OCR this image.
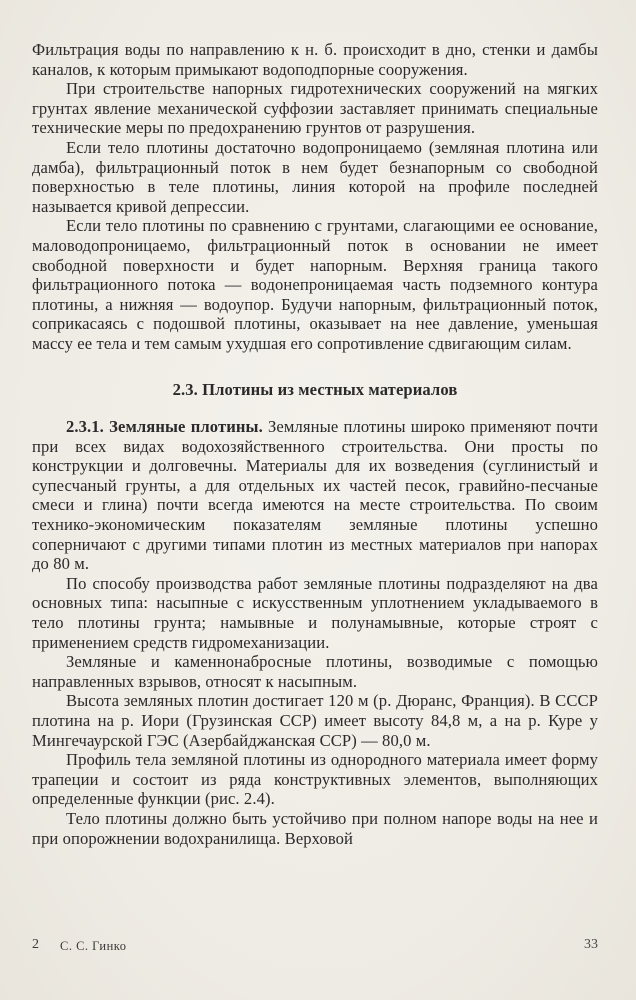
Фильтрация воды по направлению к н. б. происходит в дно, стенки и дамбы каналов, к которым примыкают водоподпорные сооружения.

При строительстве напорных гидротехнических сооружений на мягких грунтах явление механической суффозии заставляет принимать специальные технические меры по предохранению грунтов от разрушения.

Если тело плотины достаточно водопроницаемо (земляная плотина или дамба), фильтрационный поток в нем будет безнапорным со свободной поверхностью в теле плотины, линия которой на профиле последней называется кривой депрессии.

Если тело плотины по сравнению с грунтами, слагающими ее основание, маловодопроницаемо, фильтрационный поток в основании не имеет свободной поверхности и будет напорным. Верхняя граница такого фильтрационного потока — водонепроницаемая часть подземного контура плотины, а нижняя — водоупор. Будучи напорным, фильтрационный поток, соприкасаясь с подошвой плотины, оказывает на нее давление, уменьшая массу ее тела и тем самым ухудшая его сопротивление сдвигающим силам.

2.3. Плотины из местных материалов

2.3.1. Земляные плотины. Земляные плотины широко применяют почти при всех видах водохозяйственного строительства. Они просты по конструкции и долговечны. Материалы для их возведения (суглинистый и супесчаный грунты, а для отдельных их частей песок, гравийно-песчаные смеси и глина) почти всегда имеются на месте строительства. По своим технико-экономическим показателям земляные плотины успешно соперничают с другими типами плотин из местных материалов при напорах до 80 м.

По способу производства работ земляные плотины подразделяют на два основных типа: насыпные с искусственным уплотнением укладываемого в тело плотины грунта; намывные и полунамывные, которые строят с применением средств гидромеханизации.

Земляные и каменнонабросные плотины, возводимые с помощью направленных взрывов, относят к насыпным.

Высота земляных плотин достигает 120 м (р. Дюранс, Франция). В СССР плотина на р. Иори (Грузинская ССР) имеет высоту 84,8 м, а на р. Куре у Мингечаурской ГЭС (Азербайджанская ССР) — 80,0 м.

Профиль тела земляной плотины из однородного материала имеет форму трапеции и состоит из ряда конструктивных элементов, выполняющих определенные функции (рис. 2.4).

Тело плотины должно быть устойчиво при полном напоре воды на нее и при опорожнении водохранилища. Верховой

2 С. С. Гинко	33
